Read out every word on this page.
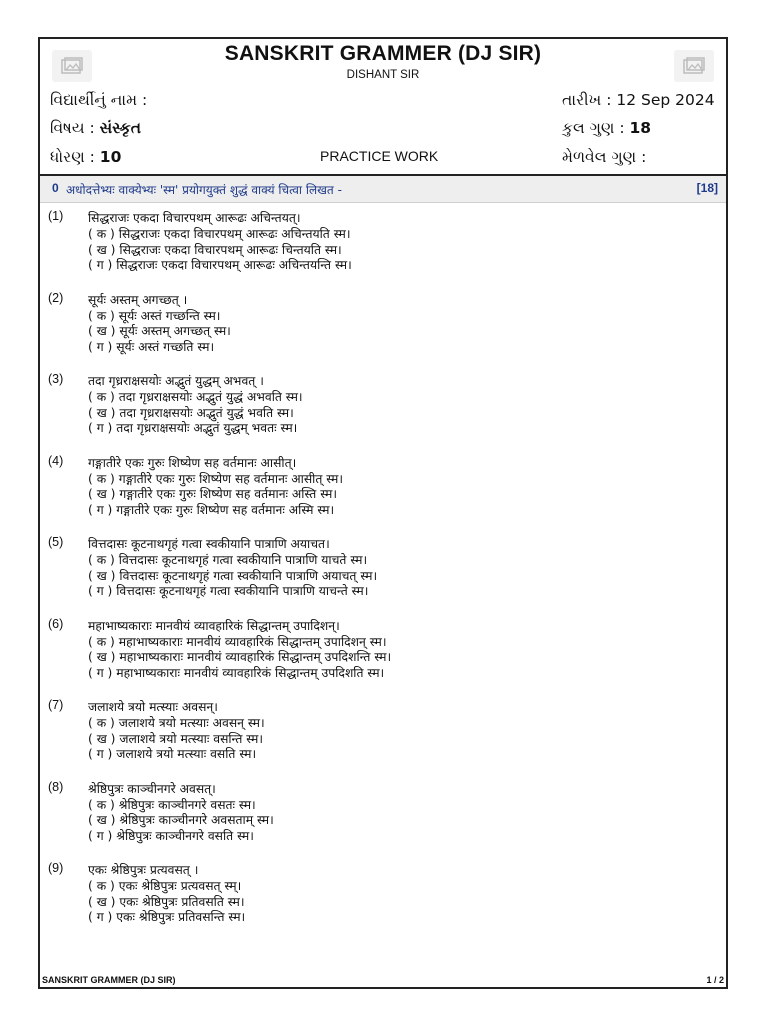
SANSKRIT GRAMMER (DJ SIR)
DISHANT SIR
વિદ્યાર્થીનું નામ :	તારીખ : 12 Sep 2024
વિષય : સંસ્કૃત	કુલ ગુણ : 18
ધોરણ : 10	PRACTICE WORK	મેળવેલ ગુણ :
0 अधोदत्तेभ्यः वाक्येभ्यः 'स्म' प्रयोगयुक्तं शुद्धं वाक्यं चित्वा लिखत -	[18]
(1) सिद्धराजः एकदा विचारपथम् आरूढः अचिन्तयत्।
( क ) सिद्धराजः एकदा विचारपथम् आरूढः अचिन्तयति स्म।
( ख ) सिद्धराजः एकदा विचारपथम् आरूढः चिन्तयति स्म।
( ग ) सिद्धराजः एकदा विचारपथम् आरूढः अचिन्तयन्ति स्म।
(2) सूर्यः अस्तम् अगच्छत् ।
( क ) सूर्यः अस्तं गच्छन्ति स्म।
( ख ) सूर्यः अस्तम् अगच्छत् स्म।
( ग ) सूर्यः अस्तं गच्छति स्म।
(3) तदा गृध्रराक्षसयोः अद्भुतं युद्धम् अभवत् ।
( क ) तदा गृध्रराक्षसयोः अद्भुतं युद्धं अभवति स्म।
( ख ) तदा गृध्रराक्षसयोः अद्भुतं युद्धं भवति स्म।
( ग ) तदा गृध्रराक्षसयोः अद्भुतं युद्धम् भवतः स्म।
(4) गङ्गातीरे एकः गुरुः शिष्येण सह वर्तमानः आसीत्।
( क ) गङ्गातीरे एकः गुरुः शिष्येण सह वर्तमानः आसीत् स्म।
( ख ) गङ्गातीरे एकः गुरुः शिष्येण सह वर्तमानः अस्ति स्म।
( ग ) गङ्गातीरे एकः गुरुः शिष्येण सह वर्तमानः अस्मि स्म।
(5) वित्तदासः कूटनाथगृहं गत्वा स्वकीयानि पात्राणि अयाचत।
( क ) वित्तदासः कूटनाथगृहं गत्वा स्वकीयानि पात्राणि याचते स्म।
( ख ) वित्तदासः कूटनाथगृहं गत्वा स्वकीयानि पात्राणि अयाचत् स्म।
( ग ) वित्तदासः कूटनाथगृहं गत्वा स्वकीयानि पात्राणि याचन्ते स्म।
(6) महाभाष्यकाराः मानवीयं व्यावहारिकं सिद्धान्तम् उपादिशन्।
( क ) महाभाष्यकाराः मानवीयं व्यावहारिकं सिद्धान्तम् उपादिशन् स्म।
( ख ) महाभाष्यकाराः मानवीयं व्यावहारिकं सिद्धान्तम् उपदिशन्ति स्म।
( ग ) महाभाष्यकाराः मानवीयं व्यावहारिकं सिद्धान्तम् उपदिशति स्म।
(7) जलाशये त्रयो मत्स्याः अवसन्।
( क ) जलाशये त्रयो मत्स्याः अवसन् स्म।
( ख ) जलाशये त्रयो मत्स्याः वसन्ति स्म।
( ग ) जलाशये त्रयो मत्स्याः वसति स्म।
(8) श्रेष्ठिपुत्रः काञ्चीनगरे अवसत्।
( क ) श्रेष्ठिपुत्रः काञ्चीनगरे वसतः स्म।
( ख ) श्रेष्ठिपुत्रः काञ्चीनगरे अवसताम् स्म।
( ग ) श्रेष्ठिपुत्रः काञ्चीनगरे वसति स्म।
(9) एकः श्रेष्ठिपुत्रः प्रत्यवसत् ।
( क ) एकः श्रेष्ठिपुत्रः प्रत्यवसत् स्म्।
( ख ) एकः श्रेष्ठिपुत्रः प्रतिवसति स्म।
( ग ) एकः श्रेष्ठिपुत्रः प्रतिवसन्ति स्म।
SANSKRIT GRAMMER (DJ SIR)	1 / 2
